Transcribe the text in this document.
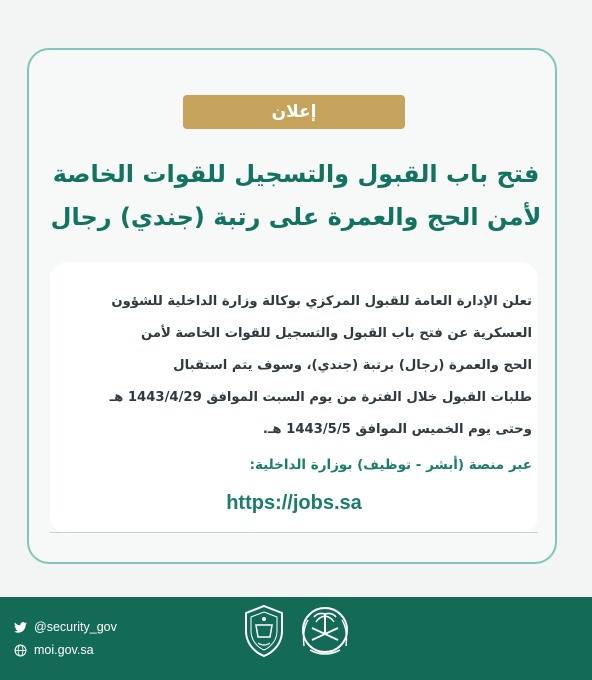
إعلان
فتح باب القبول والتسجيل للقوات الخاصة
لأمن الحج والعمرة على رتبة (جندي) رجال
تعلن الإدارة العامة للقبول المركزي بوكالة وزارة الداخلية للشؤون
العسكرية عن فتح باب القبول والتسجيل للقوات الخاصة لأمن
الحج والعمرة (رجال) برتبة (جندي)، وسوف يتم استقبال
طلبات القبول خلال الفترة من يوم السبت الموافق 1443/4/29 هـ
وحتى يوم الخميس الموافق 1443/5/5 هـ.
عبر منصة (أبشر - توظيف) بوزارة الداخلية:
https://jobs.sa
@security_gov
moi.gov.sa
